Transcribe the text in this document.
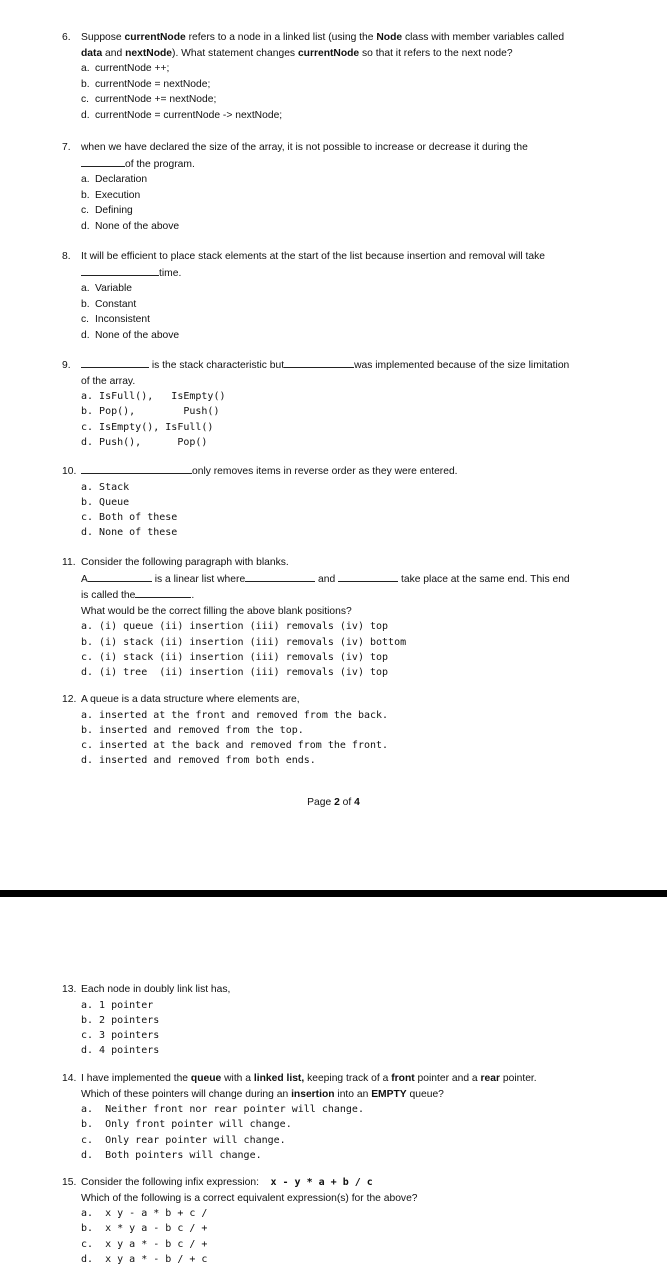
6. Suppose currentNode refers to a node in a linked list (using the Node class with member variables called
data and nextNode). What statement changes currentNode so that it refers to the next node?
a. currentNode ++;
b. currentNode = nextNode;
c. currentNode += nextNode;
d. currentNode = currentNode -> nextNode;
7. when we have declared the size of the array, it is not possible to increase or decrease it during the
of the program.
a. Declaration
b. Execution
c. Defining
d. None of the above
8. It will be efficient to place stack elements at the start of the list because insertion and removal will take
time.
a. Variable
b. Constant
c. Inconsistent
d. None of the above
9.	is the stack characteristic but	was implemented because of the size limitation
of the array.
a. IsFull(),   IsEmpty()
b. Pop(),        Push()
c. IsEmpty(), IsFull()
d. Push(),      Pop()
10.	only removes items in reverse order as they were entered.
a. Stack
b. Queue
c. Both of these
d. None of these
11. Consider the following paragraph with blanks.
A	is a linear list where	and	take place at the same end. This end
is called the	.
What would be the correct filling the above blank positions?
a. (i) queue (ii) insertion (iii) removals (iv) top
b. (i) stack (ii) insertion (iii) removals (iv) bottom
c. (i) stack (ii) insertion (iii) removals (iv) top
d. (i) tree  (ii) insertion (iii) removals (iv) top
12. A queue is a data structure where elements are,
a. inserted at the front and removed from the back.
b. inserted and removed from the top.
c. inserted at the back and removed from the front.
d. inserted and removed from both ends.
Page 2 of 4
13. Each node in doubly link list has,
a. 1 pointer
b. 2 pointers
c. 3 pointers
d. 4 pointers
14. I have implemented the queue with a linked list, keeping track of a front pointer and a rear pointer.
Which of these pointers will change during an insertion into an EMPTY queue?
a.  Neither front nor rear pointer will change.
b.  Only front pointer will change.
c.  Only rear pointer will change.
d.  Both pointers will change.
15. Consider the following infix expression: x - y * a + b / c
Which of the following is a correct equivalent expression(s) for the above?
a.  x y - a * b + c /
b.  x * y a - b c / +
c.  x y a * - b c / +
d.  x y a * - b / + c
